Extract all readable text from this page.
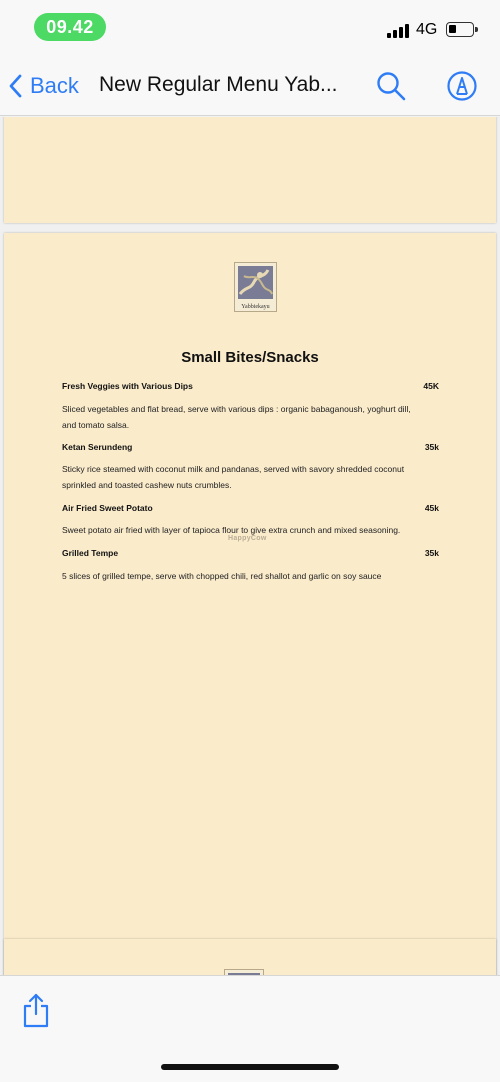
09.42	4G
Back New Regular Menu Yab...
Yabbiekayu
Small Bites/Snacks
Fresh Veggies with Various Dips	45K
Sliced vegetables and flat bread, serve with various dips : organic babaganoush, yoghurt dill,
and tomato salsa.
Ketan Serundeng	35k
Sticky rice steamed with coconut milk and pandanas, served with savory shredded coconut
sprinkled and toasted cashew nuts crumbles.
Air Fried Sweet Potato	45k
Sweet potato air fried with layer of tapioca flour to give extra crunch and mixed seasoning.
HappyCow
Grilled Tempe	35k
5 slices of grilled tempe, serve with chopped chili, red shallot and garlic on soy sauce
